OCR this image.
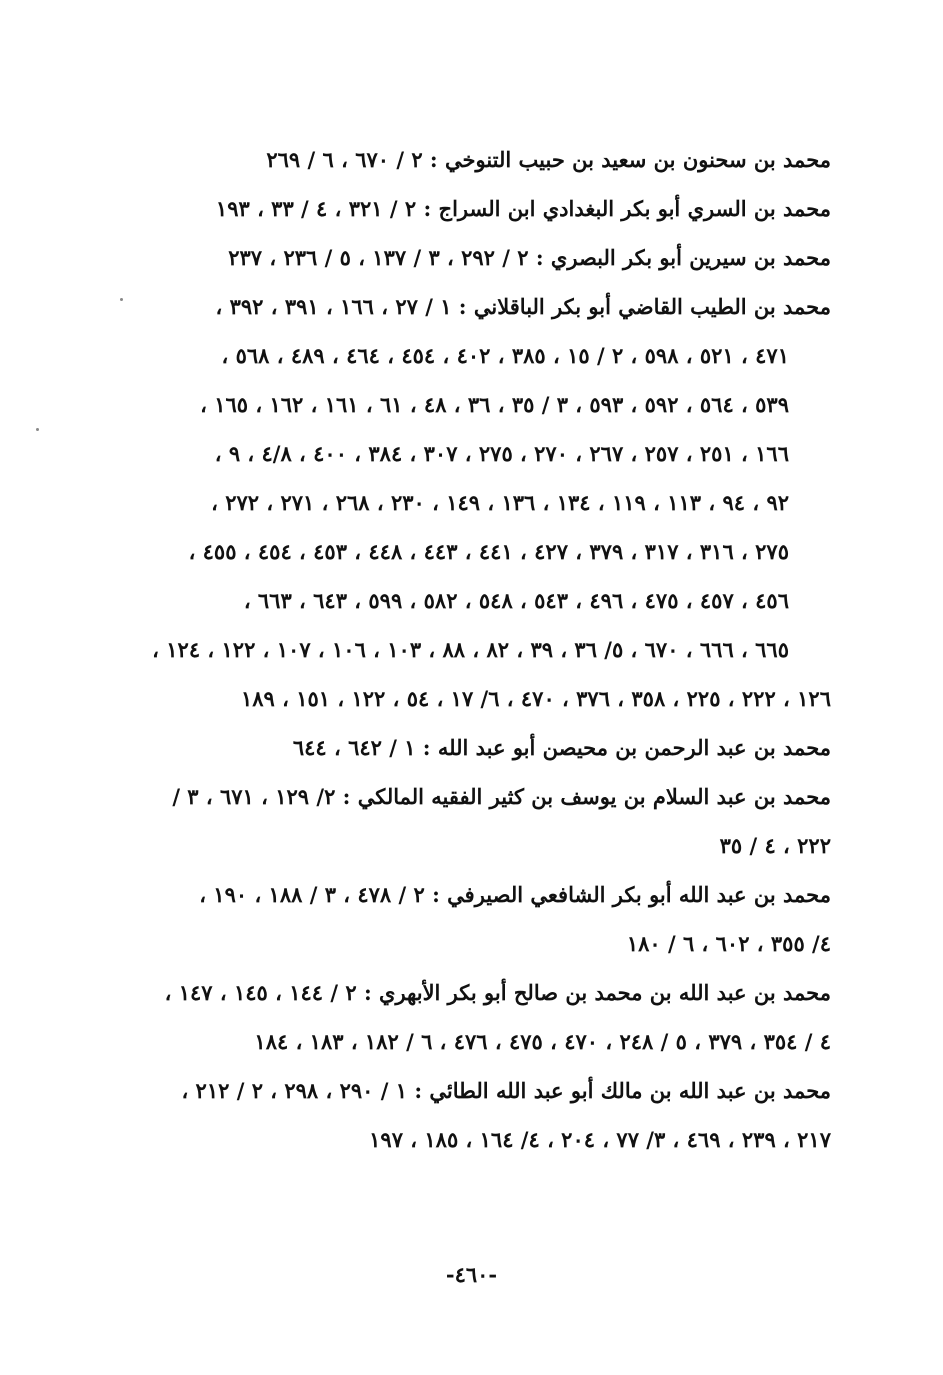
محمد بن سحنون بن سعيد بن حبيب التنوخي : ٢ / ٦٧٠ ، ٦ / ٢٦٩
محمد بن السري أبو بكر البغدادي ابن السراج : ٢ / ٣٢١ ، ٤ / ٣٣ ، ١٩٣
محمد بن سيرين أبو بكر البصري : ٢ / ٢٩٢ ، ٣ / ١٣٧ ، ٥ / ٢٣٦ ، ٢٣٧
محمد بن الطيب القاضي أبو بكر الباقلاني : ١ / ٢٧ ، ١٦٦ ، ٣٩١ ، ٣٩٢ ،
٤٧١ ، ٥٢١ ، ٥٩٨ ، ٢ / ١٥ ، ٣٨٥ ، ٤٠٢ ، ٤٥٤ ، ٤٦٤ ، ٤٨٩ ، ٥٦٨ ،
٥٣٩ ، ٥٦٤ ، ٥٩٢ ، ٥٩٣ ، ٣ / ٣٥ ، ٣٦ ، ٤٨ ، ٦١ ، ١٦١ ، ١٦٢ ، ١٦٥ ،
١٦٦ ، ٢٥١ ، ٢٥٧ ، ٢٦٧ ، ٢٧٠ ، ٢٧٥ ، ٣٠٧ ، ٣٨٤ ، ٤٠٠ ، ٤/٨ ، ٩ ،
٩٢ ، ٩٤ ، ١١٣ ، ١١٩ ، ١٣٤ ، ١٣٦ ، ١٤٩ ، ٢٣٠ ، ٢٦٨ ، ٢٧١ ، ٢٧٢ ،
٢٧٥ ، ٣١٦ ، ٣١٧ ، ٣٧٩ ، ٤٢٧ ، ٤٤١ ، ٤٤٣ ، ٤٤٨ ، ٤٥٣ ، ٤٥٤ ، ٤٥٥ ،
٤٥٦ ، ٤٥٧ ، ٤٧٥ ، ٤٩٦ ، ٥٤٣ ، ٥٤٨ ، ٥٨٢ ، ٥٩٩ ، ٦٤٣ ، ٦٦٣ ،
٦٦٥ ، ٦٦٦ ، ٦٧٠ ، ٥/ ٣٦ ، ٣٩ ، ٨٢ ، ٨٨ ، ١٠٣ ، ١٠٦ ، ١٠٧ ، ١٢٢ ، ١٢٤ ،
١٢٦ ، ٢٢٢ ، ٢٢٥ ، ٣٥٨ ، ٣٧٦ ، ٤٧٠ ، ٦/ ١٧ ، ٥٤ ، ١٢٢ ، ١٥١ ، ١٨٩
محمد بن عبد الرحمن بن محيصن أبو عبد الله : ١ / ٦٤٢ ، ٦٤٤
محمد بن عبد السلام بن يوسف بن كثير الفقيه المالكي : ٢/ ١٢٩ ، ٦٧١ ، ٣ /
٢٢٢ ، ٤ / ٣٥
محمد بن عبد الله أبو بكر الشافعي الصيرفي : ٢ / ٤٧٨ ، ٣ / ١٨٨ ، ١٩٠ ،
٤/ ٣٥٥ ، ٦٠٢ ، ٦ / ١٨٠
محمد بن عبد الله بن محمد بن صالح أبو بكر الأبهري : ٢ / ١٤٤ ، ١٤٥ ، ١٤٧ ،
٤ / ٣٥٤ ، ٣٧٩ ، ٥ / ٢٤٨ ، ٤٧٠ ، ٤٧٥ ، ٤٧٦ ، ٦ / ١٨٢ ، ١٨٣ ، ١٨٤
محمد بن عبد الله بن مالك أبو عبد الله الطائي : ١ / ٢٩٠ ، ٢٩٨ ، ٢ / ٢١٢ ،
٢١٧ ، ٢٣٩ ، ٤٦٩ ، ٣/ ٧٧ ، ٢٠٤ ، ٤/ ١٦٤ ، ١٨٥ ، ١٩٧
-٤٦٠-
